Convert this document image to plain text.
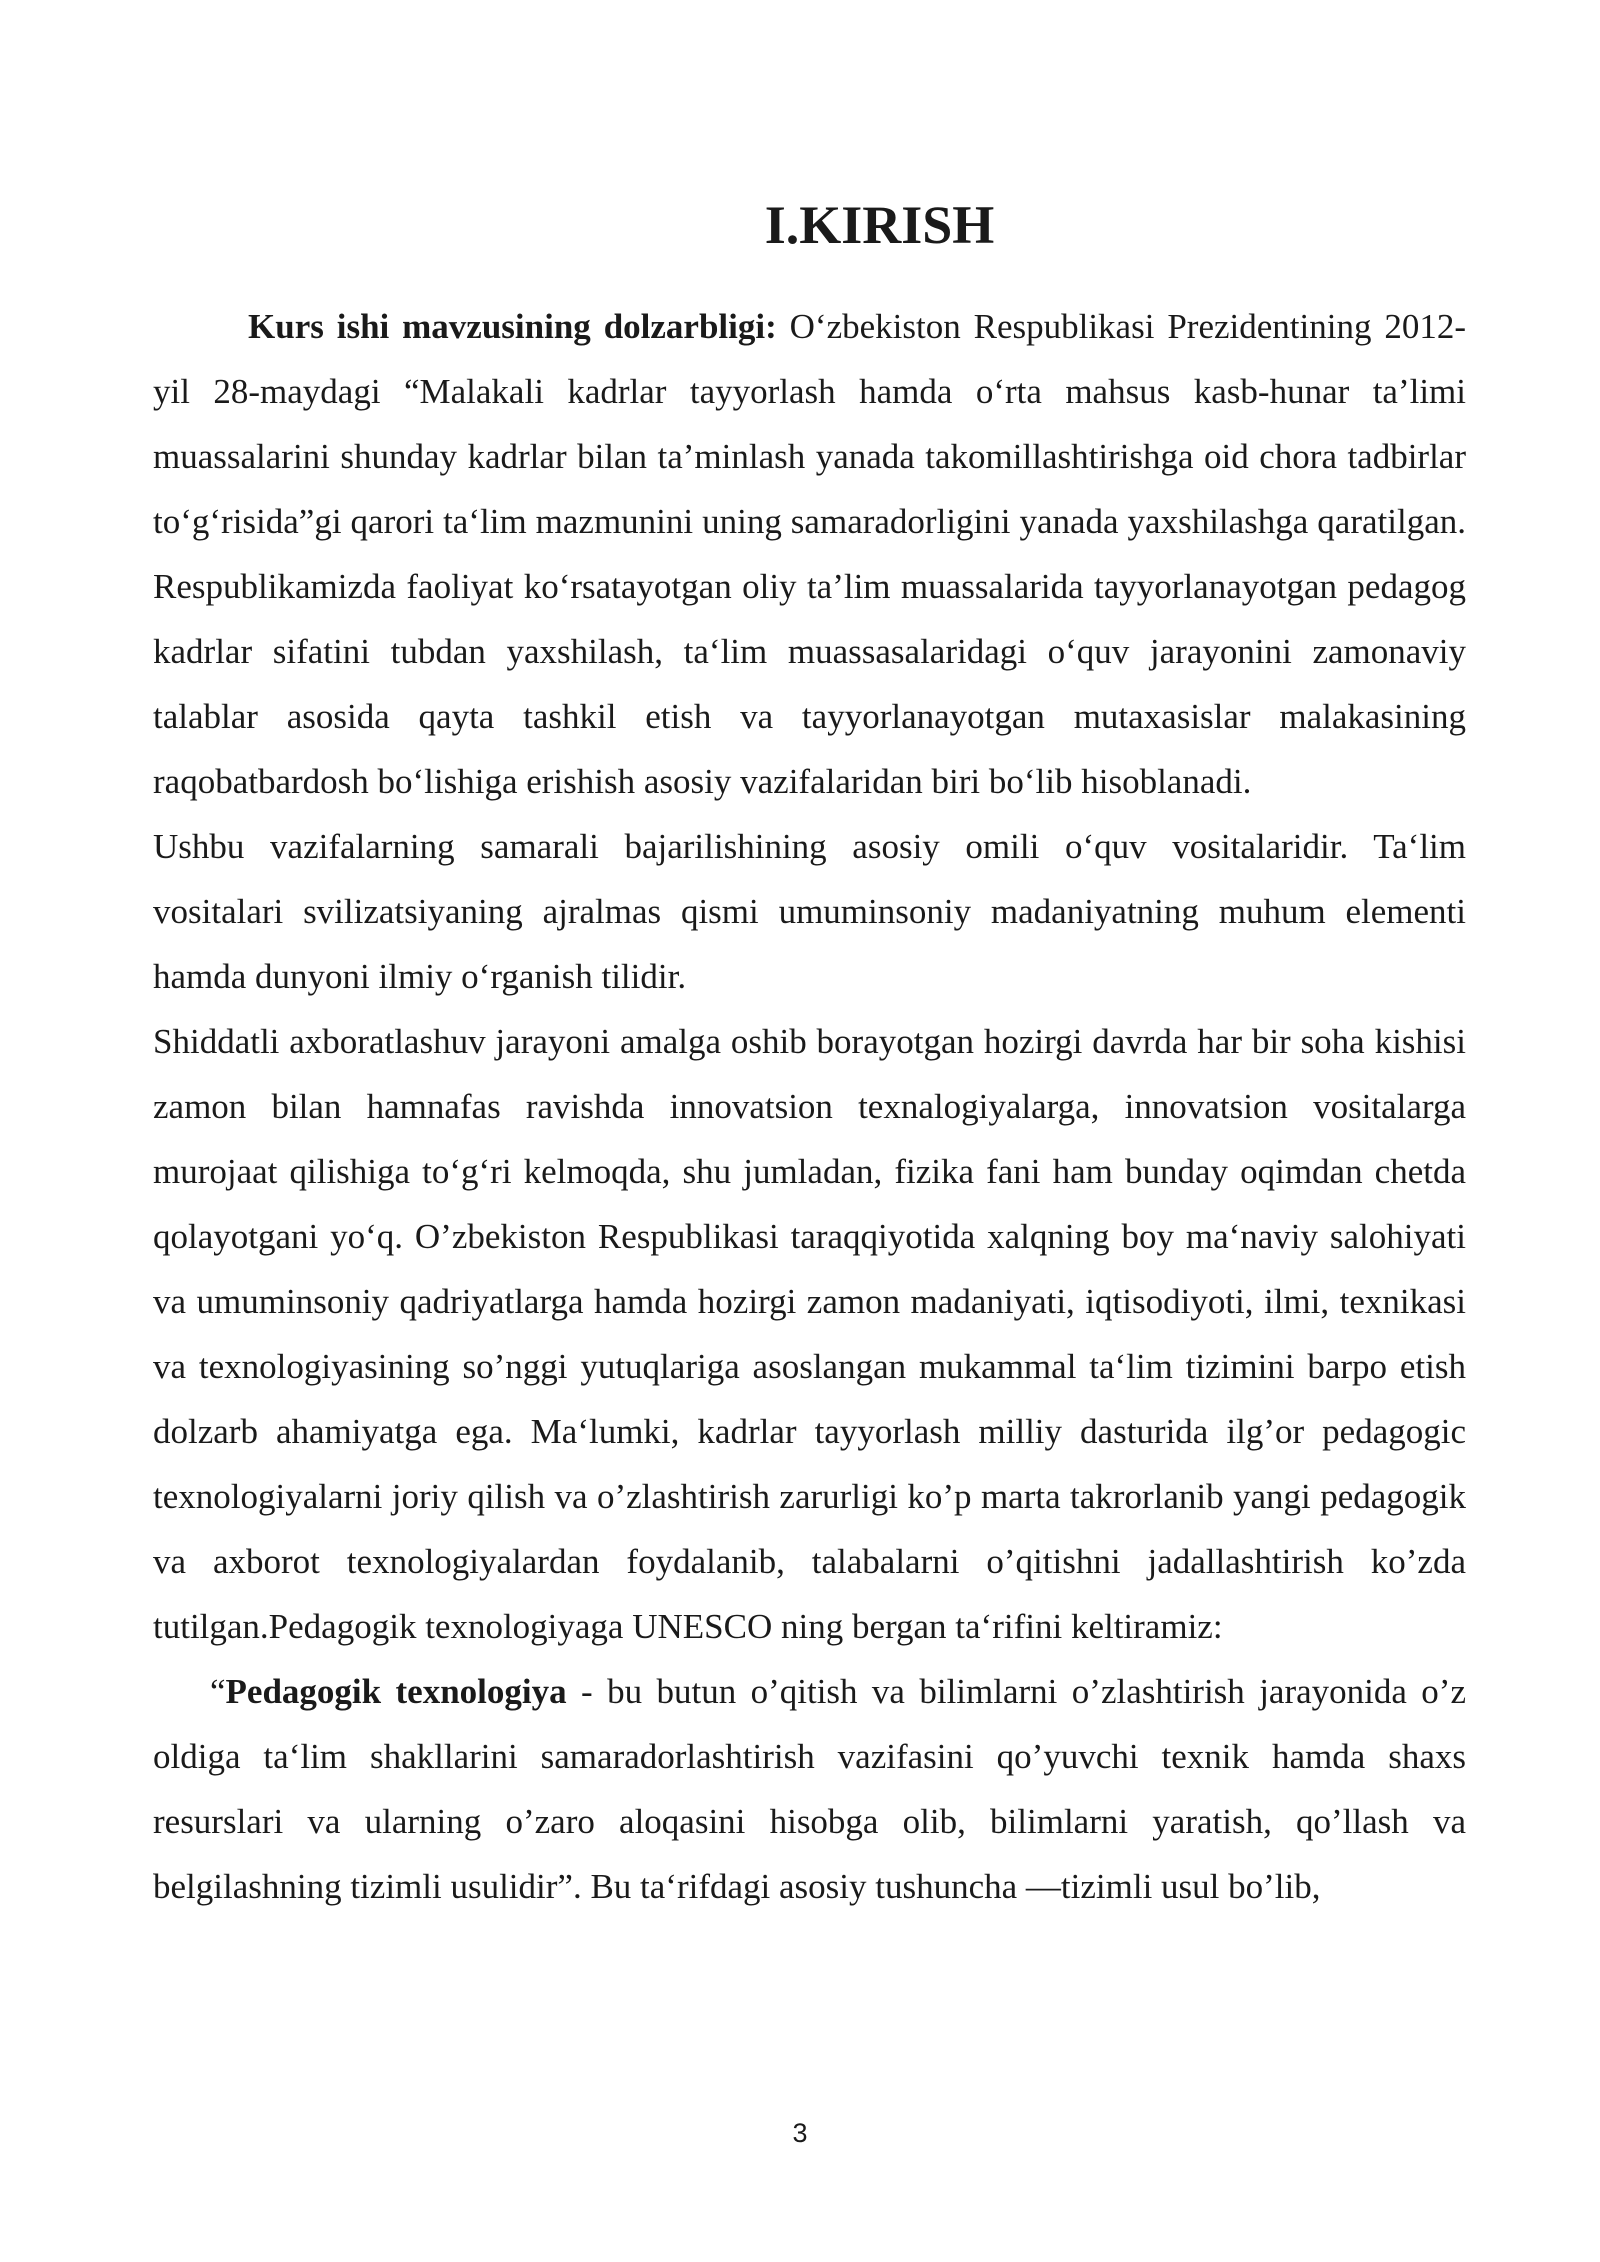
I.KIRISH

Kurs ishi mavzusining dolzarbligi: O‘zbekiston Respublikasi Prezidentining 2012-yil 28-maydagi “Malakali kadrlar tayyorlash hamda o‘rta mahsus kasb-hunar ta’limi muassalarini shunday kadrlar bilan ta’minlash yanada takomillashtirishga oid chora tadbirlar to‘g‘risida”gi qarori ta‘lim mazmunini uning samaradorligini yanada yaxshilashga qaratilgan. Respublikamizda faoliyat ko‘rsatayotgan oliy ta’lim muassalarida tayyorlanayotgan pedagog kadrlar sifatini tubdan yaxshilash, ta‘lim muassasalaridagi o‘quv jarayonini zamonaviy talablar asosida qayta tashkil etish va tayyorlanayotgan mutaxasislar malakasining raqobatbardosh bo‘lishiga erishish asosiy vazifalaridan biri bo‘lib hisoblanadi.

Ushbu vazifalarning samarali bajarilishining asosiy omili o‘quv vositalaridir. Ta‘lim vositalari svilizatsiyaning ajralmas qismi umuminsoniy madaniyatning muhum elementi hamda dunyoni ilmiy o‘rganish tilidir.

Shiddatli axboratlashuv jarayoni amalga oshib borayotgan hozirgi davrda har bir soha kishisi zamon bilan hamnafas ravishda innovatsion texnalogiyalarga, innovatsion vositalarga murojaat qilishiga to‘g‘ri kelmoqda, shu jumladan, fizika fani ham bunday oqimdan chetda qolayotgani yo‘q. O’zbekiston Respublikasi taraqqiyotida xalqning boy ma‘naviy salohiyati va umuminsoniy qadriyatlarga hamda hozirgi zamon madaniyati, iqtisodiyoti, ilmi, texnikasi va texnologiyasining so’nggi yutuqlariga asoslangan mukammal ta‘lim tizimini barpo etish dolzarb ahamiyatga ega. Ma‘lumki, kadrlar tayyorlash milliy dasturida ilg’or pedagogic texnologiyalarni joriy qilish va o’zlashtirish zarurligi ko’p marta takrorlanib yangi pedagogik va axborot texnologiyalardan foydalanib, talabalarni o’qitishni jadallashtirish ko’zda tutilgan.Pedagogik texnologiyaga UNESCO ning bergan ta‘rifini keltiramiz:

“Pedagogik texnologiya - bu butun o’qitish va bilimlarni o’zlashtirish jarayonida o’z oldiga ta‘lim shakllarini samaradorlashtirish vazifasini qo’yuvchi texnik hamda shaxs resurslari va ularning o’zaro aloqasini hisobga olib, bilimlarni yaratish, qo’llash va belgilashning tizimli usulidir”. Bu ta‘rifdagi asosiy tushuncha —tizimli usul bo’lib,

3
